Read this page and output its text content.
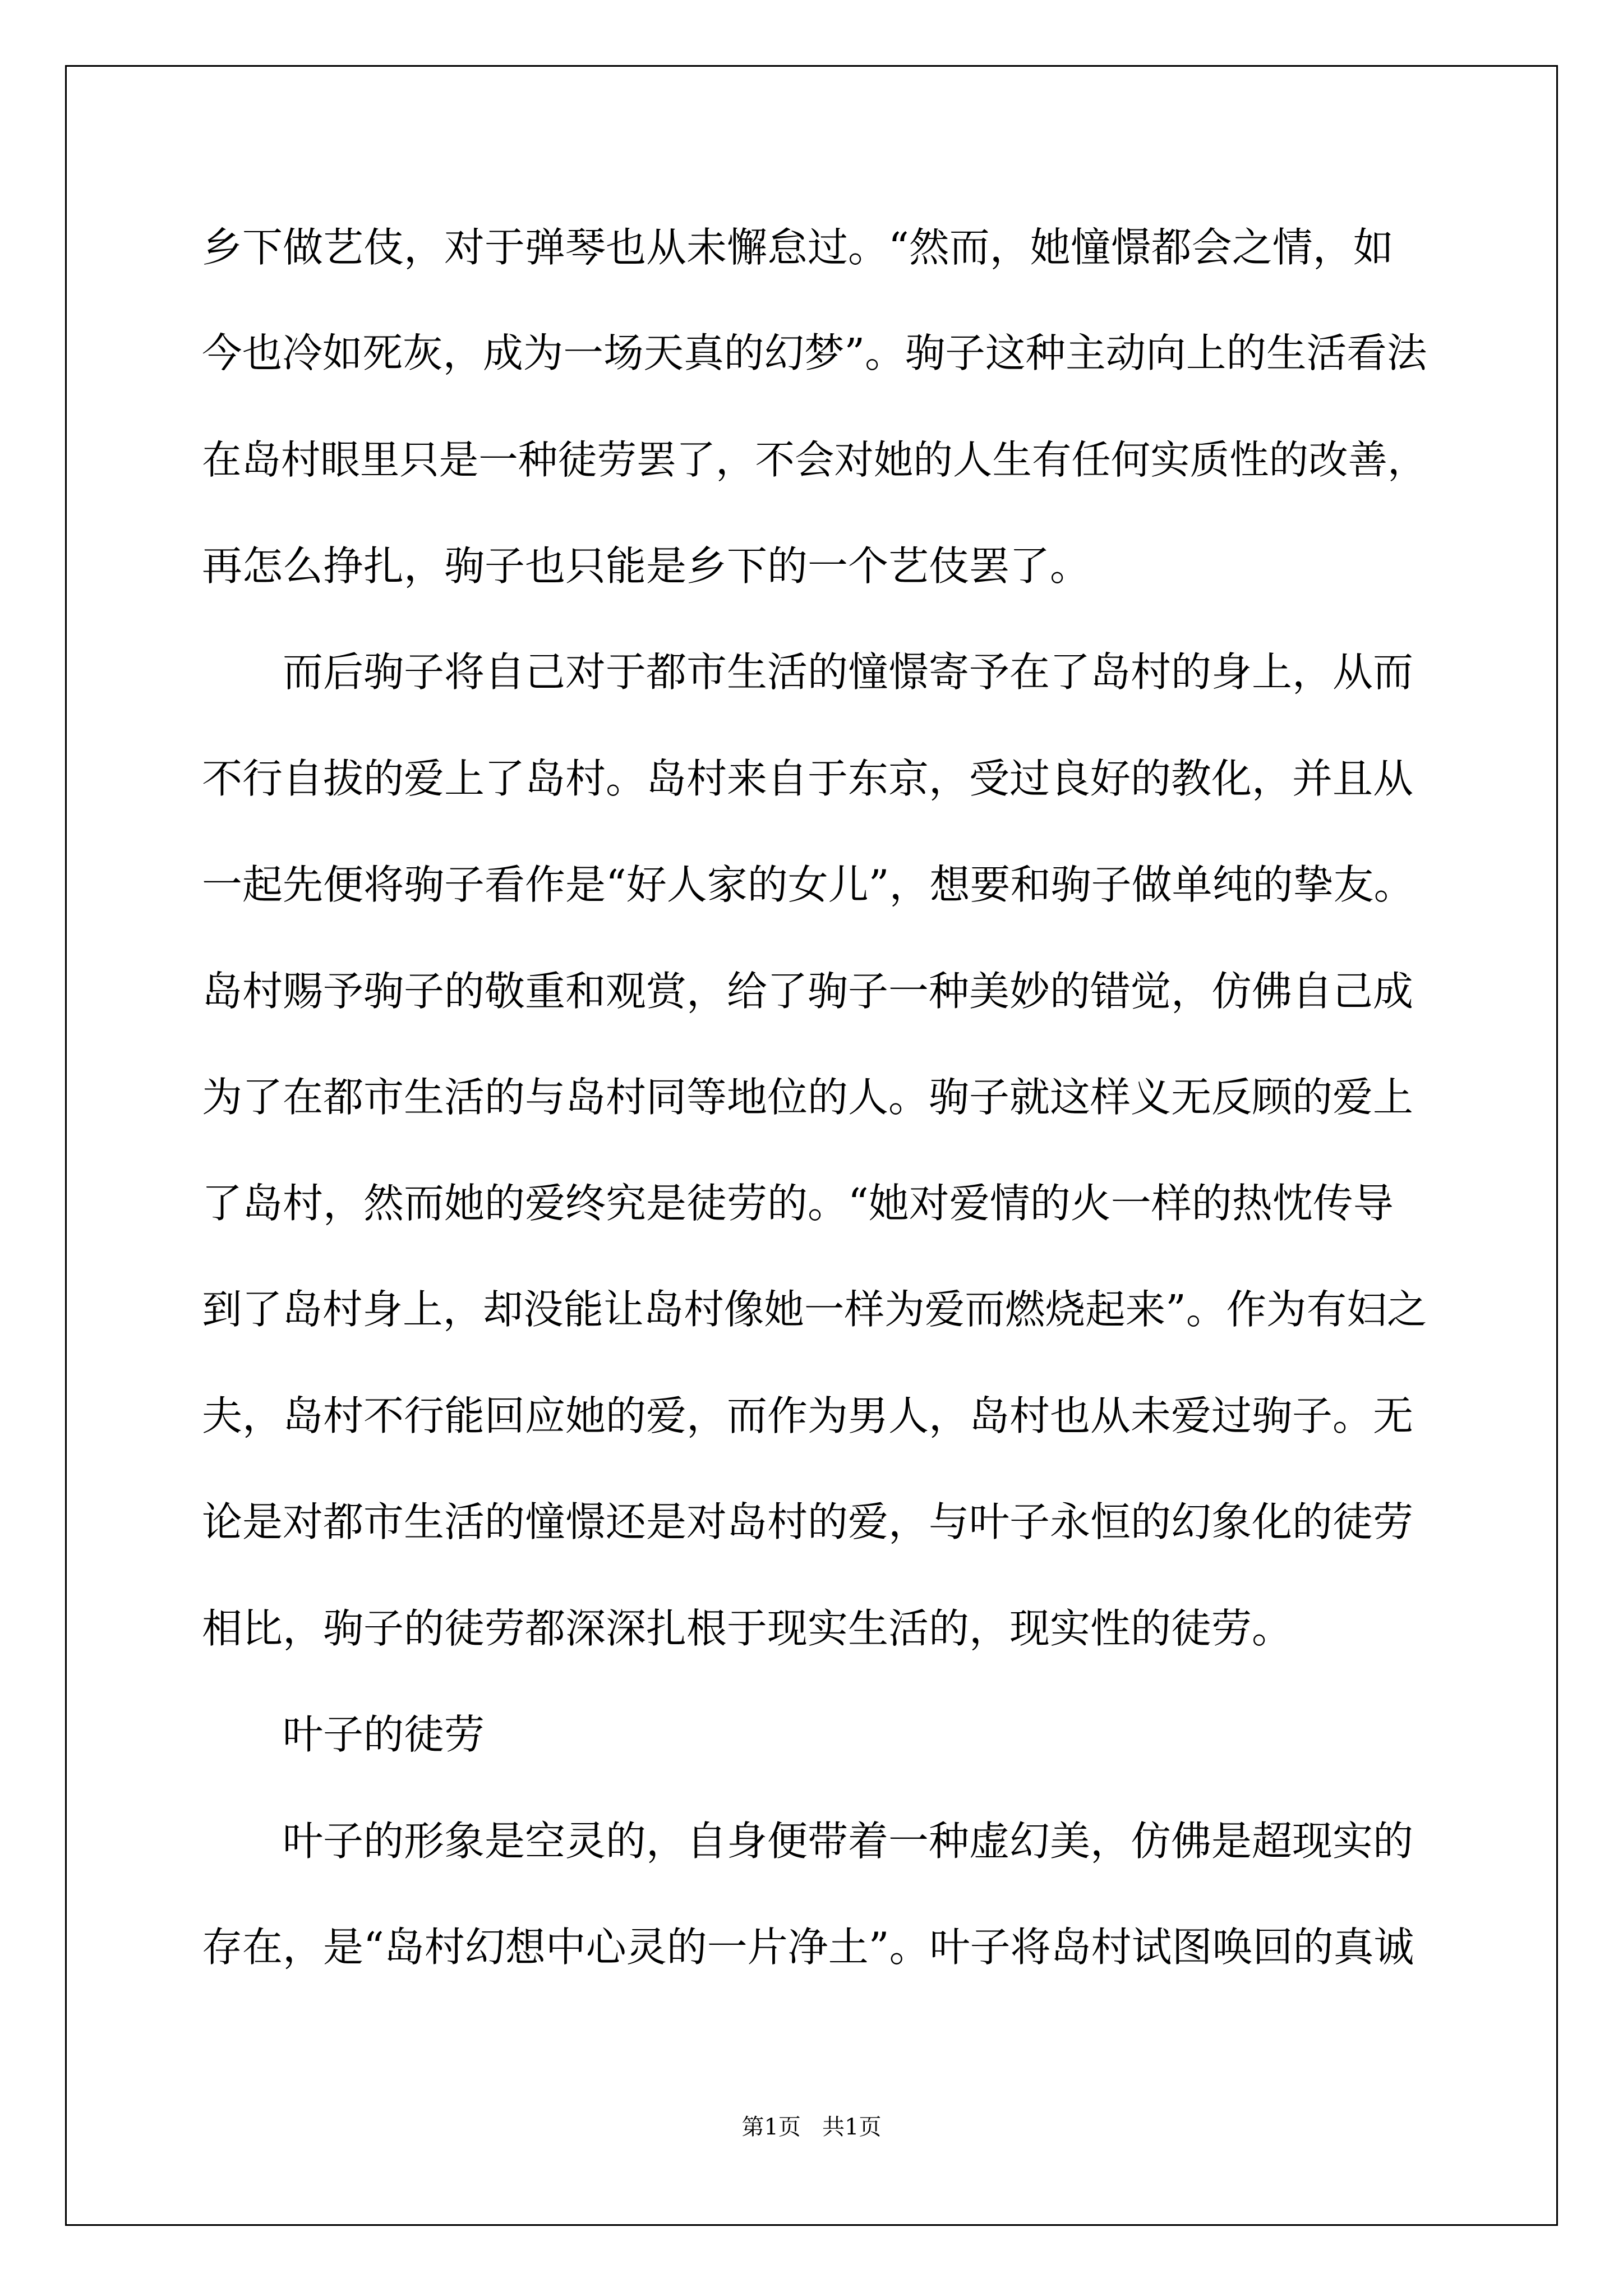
乡下做艺伎，对于弹琴也从未懈怠过。“然而，她憧憬都会之情，如
今也冷如死灰，成为一场天真的幻梦”。驹子这种主动向上的生活看法
在岛村眼里只是一种徒劳罢了，不会对她的人生有任何实质性的改善，
再怎么挣扎，驹子也只能是乡下的一个艺伎罢了。
而后驹子将自己对于都市生活的憧憬寄予在了岛村的身上，从而
不行自拔的爱上了岛村。岛村来自于东京，受过良好的教化，并且从
一起先便将驹子看作是“好人家的女儿”，想要和驹子做单纯的挚友。
岛村赐予驹子的敬重和观赏，给了驹子一种美妙的错觉，仿佛自己成
为了在都市生活的与岛村同等地位的人。驹子就这样义无反顾的爱上
了岛村，然而她的爱终究是徒劳的。“她对爱情的火一样的热忱传导
到了岛村身上，却没能让岛村像她一样为爱而燃烧起来”。作为有妇之
夫，岛村不行能回应她的爱，而作为男人，岛村也从未爱过驹子。无
论是对都市生活的憧憬还是对岛村的爱，与叶子永恒的幻象化的徒劳
相比，驹子的徒劳都深深扎根于现实生活的，现实性的徒劳。
叶子的徒劳
叶子的形象是空灵的，自身便带着一种虚幻美，仿佛是超现实的
存在，是“岛村幻想中心灵的一片净土”。叶子将岛村试图唤回的真诚
第1页   共1页
